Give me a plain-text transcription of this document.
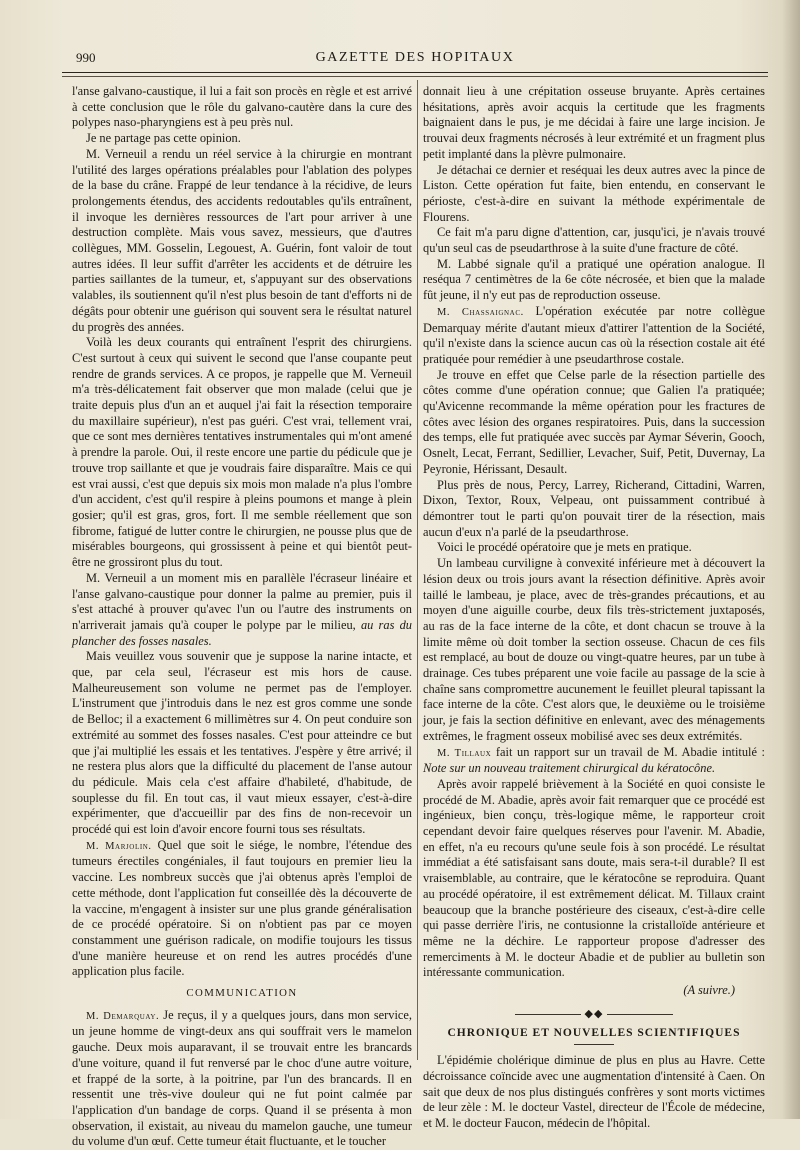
990	GAZETTE DES HOPITAUX

l'anse galvano-caustique, il lui a fait son procès en règle et est arrivé à cette conclusion que le rôle du galvano-cautère dans la cure des polypes naso-pharyngiens est à peu près nul.

Je ne partage pas cette opinion.

M. Verneuil a rendu un réel service à la chirurgie en montrant l'utilité des larges opérations préalables pour l'ablation des polypes de la base du crâne. Frappé de leur tendance à la récidive, de leurs prolongements étendus, des accidents redoutables qu'ils entraînent, il invoque les dernières ressources de l'art pour arriver à une destruction complète. Mais vous savez, messieurs, que d'autres collègues, MM. Gosselin, Legouest, A. Guérin, font valoir de tout autres idées. Il leur suffit d'arrêter les accidents et de détruire les parties saillantes de la tumeur, et, s'appuyant sur des observations valables, ils soutiennent qu'il n'est plus besoin de tant d'efforts ni de dégâts pour obtenir une guérison qui souvent sera le résultat naturel du progrès des années.

Voilà les deux courants qui entraînent l'esprit des chirurgiens. C'est surtout à ceux qui suivent le second que l'anse coupante peut rendre de grands services. A ce propos, je rappelle que M. Verneuil m'a très-délicatement fait observer que mon malade (celui que je traite depuis plus d'un an et auquel j'ai fait la résection temporaire du maxillaire supérieur), n'est pas guéri. C'est vrai, tellement vrai, que ce sont mes dernières tentatives instrumentales qui m'ont amené à prendre la parole. Oui, il reste encore une partie du pédicule que je trouve trop saillante et que je voudrais faire disparaître. Mais ce qui est vrai aussi, c'est que depuis six mois mon malade n'a plus l'ombre d'un accident, c'est qu'il respire à pleins poumons et mange à plein gosier; qu'il est gras, gros, fort. Il me semble réellement que son fibrome, fatigué de lutter contre le chirurgien, ne pousse plus que de misérables bourgeons, qui grossissent à peine et qui bientôt peut-être ne grossiront plus du tout.

M. Verneuil a un moment mis en parallèle l'écraseur linéaire et l'anse galvano-caustique pour donner la palme au premier, puis il s'est attaché à prouver qu'avec l'un ou l'autre des instruments on n'arriverait jamais qu'à couper le polype par le milieu, au ras du plancher des fosses nasales.

Mais veuillez vous souvenir que je suppose la narine intacte, et que, par cela seul, l'écraseur est mis hors de cause. Malheureusement son volume ne permet pas de l'employer. L'instrument que j'introduis dans le nez est gros comme une sonde de Belloc; il a exactement 6 millimètres sur 4. On peut conduire son extrémité au sommet des fosses nasales. C'est pour atteindre ce but que j'ai multiplié les essais et les tentatives. J'espère y être arrivé; il ne restera plus alors que la difficulté du placement de l'anse autour du pédicule. Mais cela c'est affaire d'habileté, d'habitude, de souplesse du fil. En tout cas, il vaut mieux essayer, c'est-à-dire expérimenter, que d'accueillir par des fins de non-recevoir un procédé qui est loin d'avoir encore fourni tous ses résultats.

M. Marjolin. Quel que soit le siége, le nombre, l'étendue des tumeurs érectiles congéniales, il faut toujours en premier lieu la vaccine. Les nombreux succès que j'ai obtenus après l'emploi de cette méthode, dont l'application fut conseillée dès la découverte de la vaccine, m'engagent à insister sur une plus grande généralisation de ce procédé opératoire. Si on n'obtient pas par ce moyen constamment une guérison radicale, on modifie toujours les tissus d'une manière heureuse et on rend les autres procédés d'une application plus facile.

COMMUNICATION

M. Demarquay. Je reçus, il y a quelques jours, dans mon service, un jeune homme de vingt-deux ans qui souffrait vers le mamelon gauche. Deux mois auparavant, il se trouvait entre les brancards d'une voiture, quand il fut renversé par le choc d'une autre voiture, et frappé de la sorte, à la poitrine, par l'un des brancards. Il en ressentit une très-vive douleur qui ne fut point calmée par l'application d'un bandage de corps. Quand il se présenta à mon observation, il existait, au niveau du mamelon gauche, une tumeur du volume d'un œuf. Cette tumeur était fluctuante, et le toucher

donnait lieu à une crépitation osseuse bruyante. Après certaines hésitations, après avoir acquis la certitude que les fragments baignaient dans le pus, je me décidai à faire une large incision. Je trouvai deux fragments nécrosés à leur extrémité et un fragment plus petit implanté dans la plèvre pulmonaire.

Je détachai ce dernier et reséquai les deux autres avec la pince de Liston. Cette opération fut faite, bien entendu, en conservant le périoste, c'est-à-dire en suivant la méthode expérimentale de Flourens.

Ce fait m'a paru digne d'attention, car, jusqu'ici, je n'avais trouvé qu'un seul cas de pseudarthrose à la suite d'une fracture de côté.

M. Labbé signale qu'il a pratiqué une opération analogue. Il reséqua 7 centimètres de la 6e côte nécrosée, et bien que la malade fût jeune, il n'y eut pas de reproduction osseuse.

M. Chassaignac. L'opération exécutée par notre collègue Demarquay mérite d'autant mieux d'attirer l'attention de la Société, qu'il n'existe dans la science aucun cas où la résection costale ait été pratiquée pour remédier à une pseudarthrose costale.

Je trouve en effet que Celse parle de la résection partielle des côtes comme d'une opération connue; que Galien l'a pratiquée; qu'Avicenne recommande la même opération pour les fractures de côtes avec lésion des organes respiratoires. Puis, dans la succession des temps, elle fut pratiquée avec succès par Aymar Séverin, Gooch, Osnelt, Lecat, Ferrant, Sedillier, Levacher, Suif, Petit, Duvernay, La Peyronie, Hérissant, Desault.

Plus près de nous, Percy, Larrey, Richerand, Cittadini, Warren, Dixon, Textor, Roux, Velpeau, ont puissamment contribué à démontrer tout le parti qu'on pouvait tirer de la résection, mais aucun d'eux n'a parlé de la pseudarthrose.

Voici le procédé opératoire que je mets en pratique.

Un lambeau curviligne à convexité inférieure met à découvert la lésion deux ou trois jours avant la résection définitive. Après avoir taillé le lambeau, je place, avec de très-grandes précautions, et au moyen d'une aiguille courbe, deux fils très-strictement juxtaposés, au ras de la face interne de la côte, et dont chacun se trouve à la limite même où doit tomber la section osseuse. Chacun de ces fils est remplacé, au bout de douze ou vingt-quatre heures, par un tube à drainage. Ces tubes préparent une voie facile au passage de la scie à chaîne sans compromettre aucunement le feuillet pleural tapissant la face interne de la côte. C'est alors que, le deuxième ou le troisième jour, je fais la section définitive en enlevant, avec des ménagements extrêmes, le fragment osseux mobilisé avec ses deux extrémités.

M. Tillaux fait un rapport sur un travail de M. Abadie intitulé : Note sur un nouveau traitement chirurgical du kératocône.

Après avoir rappelé brièvement à la Société en quoi consiste le procédé de M. Abadie, après avoir fait remarquer que ce procédé est ingénieux, bien conçu, très-logique même, le rapporteur croit cependant devoir faire quelques réserves pour l'avenir. M. Abadie, en effet, n'a eu recours qu'une seule fois à son procédé. Le résultat immédiat a été satisfaisant sans doute, mais sera-t-il durable? Il est vraisemblable, au contraire, que le kératocône se reproduira. Quant au procédé opératoire, il est extrêmement délicat. M. Tillaux craint beaucoup que la branche postérieure des ciseaux, c'est-à-dire celle qui passe derrière l'iris, ne contusionne la cristalloïde antérieure et même ne la déchire. Le rapporteur propose d'adresser des remerciments à M. le docteur Abadie et de publier au bulletin son intéressante communication.

(A suivre.)
◆◆
CHRONIQUE ET NOUVELLES SCIENTIFIQUES

L'épidémie cholérique diminue de plus en plus au Havre. Cette décroissance coïncide avec une augmentation d'intensité à Caen. On sait que deux de nos plus distingués confrères y sont morts victimes de leur zèle : M. le docteur Vastel, directeur de l'École de médecine, et M. le docteur Faucon, médecin de l'hôpital.
